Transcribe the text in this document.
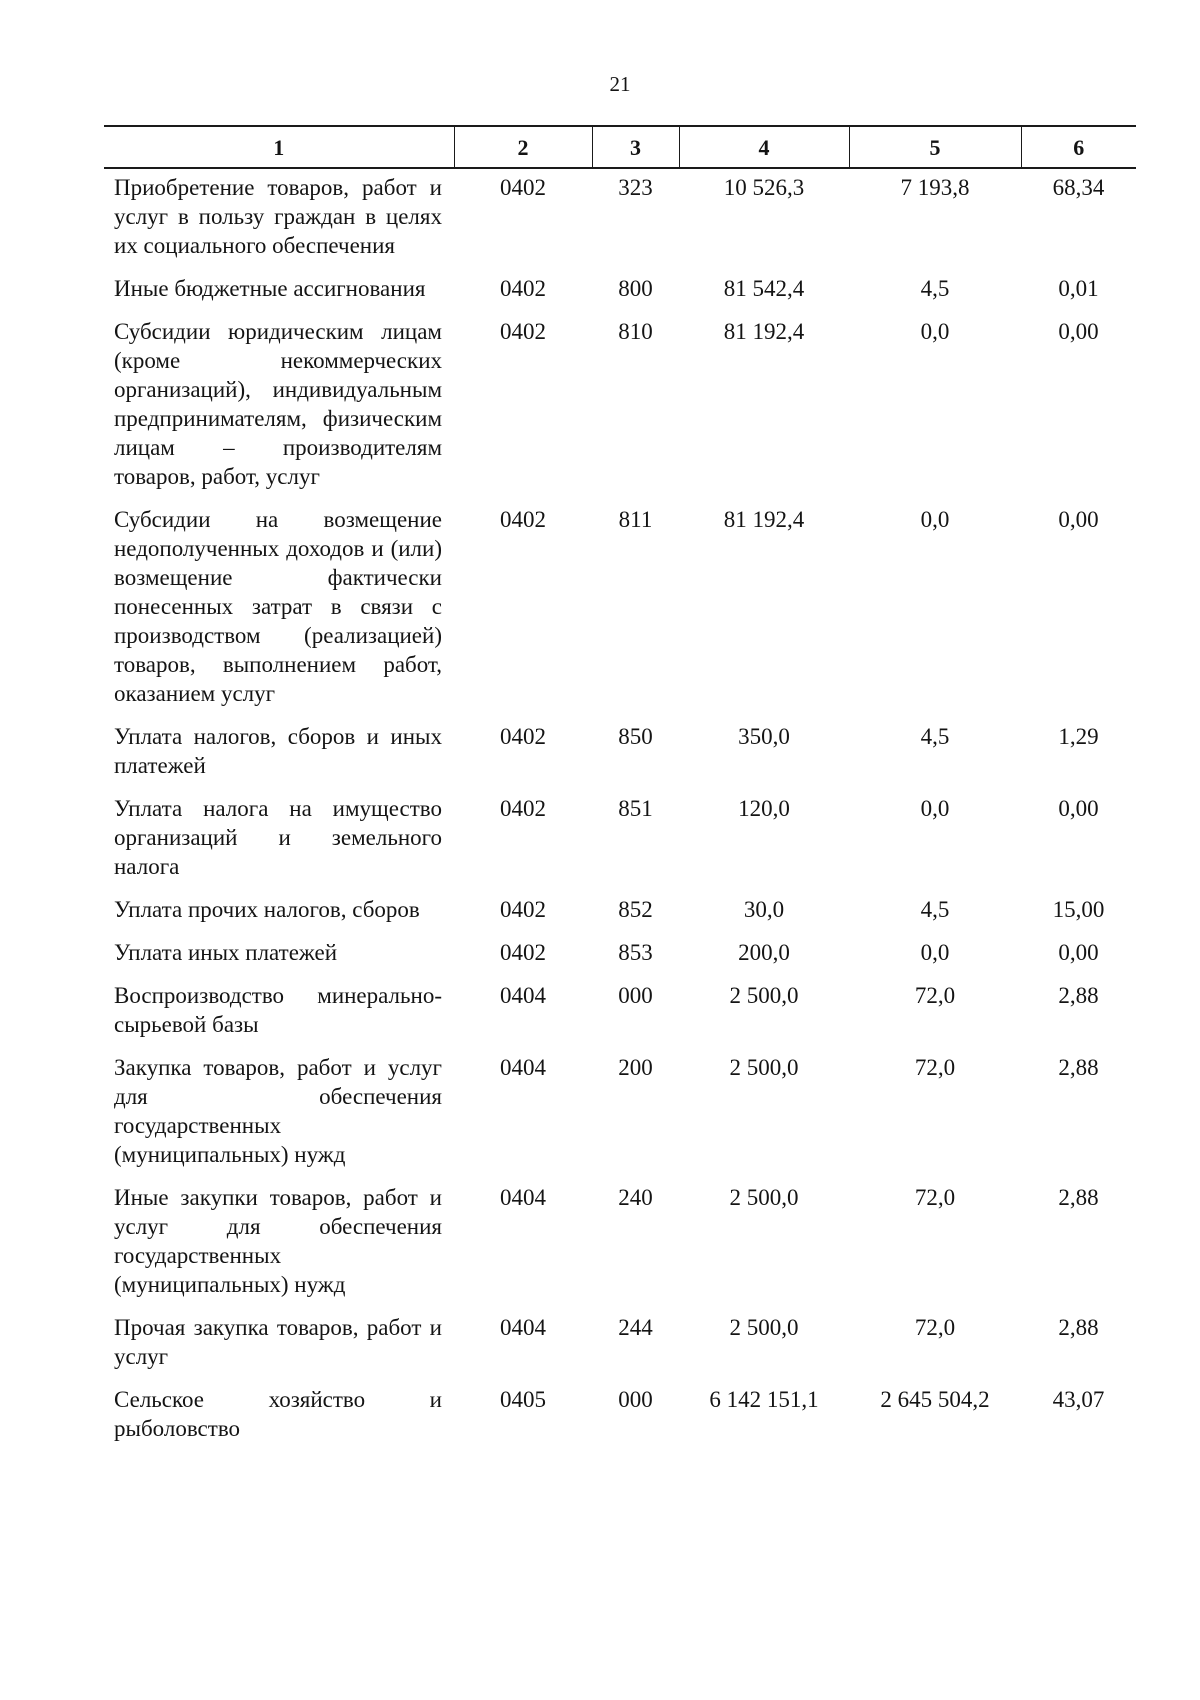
21
1	2	3	4	5	6
Приобретение товаров, работ и услуг в пользу граждан в целях их социального обеспечения	0402	323	10 526,3	7 193,8	68,34
Иные бюджетные ассигнования	0402	800	81 542,4	4,5	0,01
Субсидии юридическим лицам (кроме некоммерческих организаций), индивидуальным предпринимателям, физическим лицам – производителям товаров, работ, услуг	0402	810	81 192,4	0,0	0,00
Субсидии на возмещение недополученных доходов и (или) возмещение фактически понесенных затрат в связи с производством (реализацией) товаров, выполнением работ, оказанием услуг	0402	811	81 192,4	0,0	0,00
Уплата налогов, сборов и иных платежей	0402	850	350,0	4,5	1,29
Уплата налога на имущество организаций и земельного налога	0402	851	120,0	0,0	0,00
Уплата прочих налогов, сборов	0402	852	30,0	4,5	15,00
Уплата иных платежей	0402	853	200,0	0,0	0,00
Воспроизводство минерально-сырьевой базы	0404	000	2 500,0	72,0	2,88
Закупка товаров, работ и услуг для обеспечения государственных (муниципальных) нужд	0404	200	2 500,0	72,0	2,88
Иные закупки товаров, работ и услуг для обеспечения государственных (муниципальных) нужд	0404	240	2 500,0	72,0	2,88
Прочая закупка товаров, работ и услуг	0404	244	2 500,0	72,0	2,88
Сельское хозяйство и рыболовство	0405	000	6 142 151,1	2 645 504,2	43,07
